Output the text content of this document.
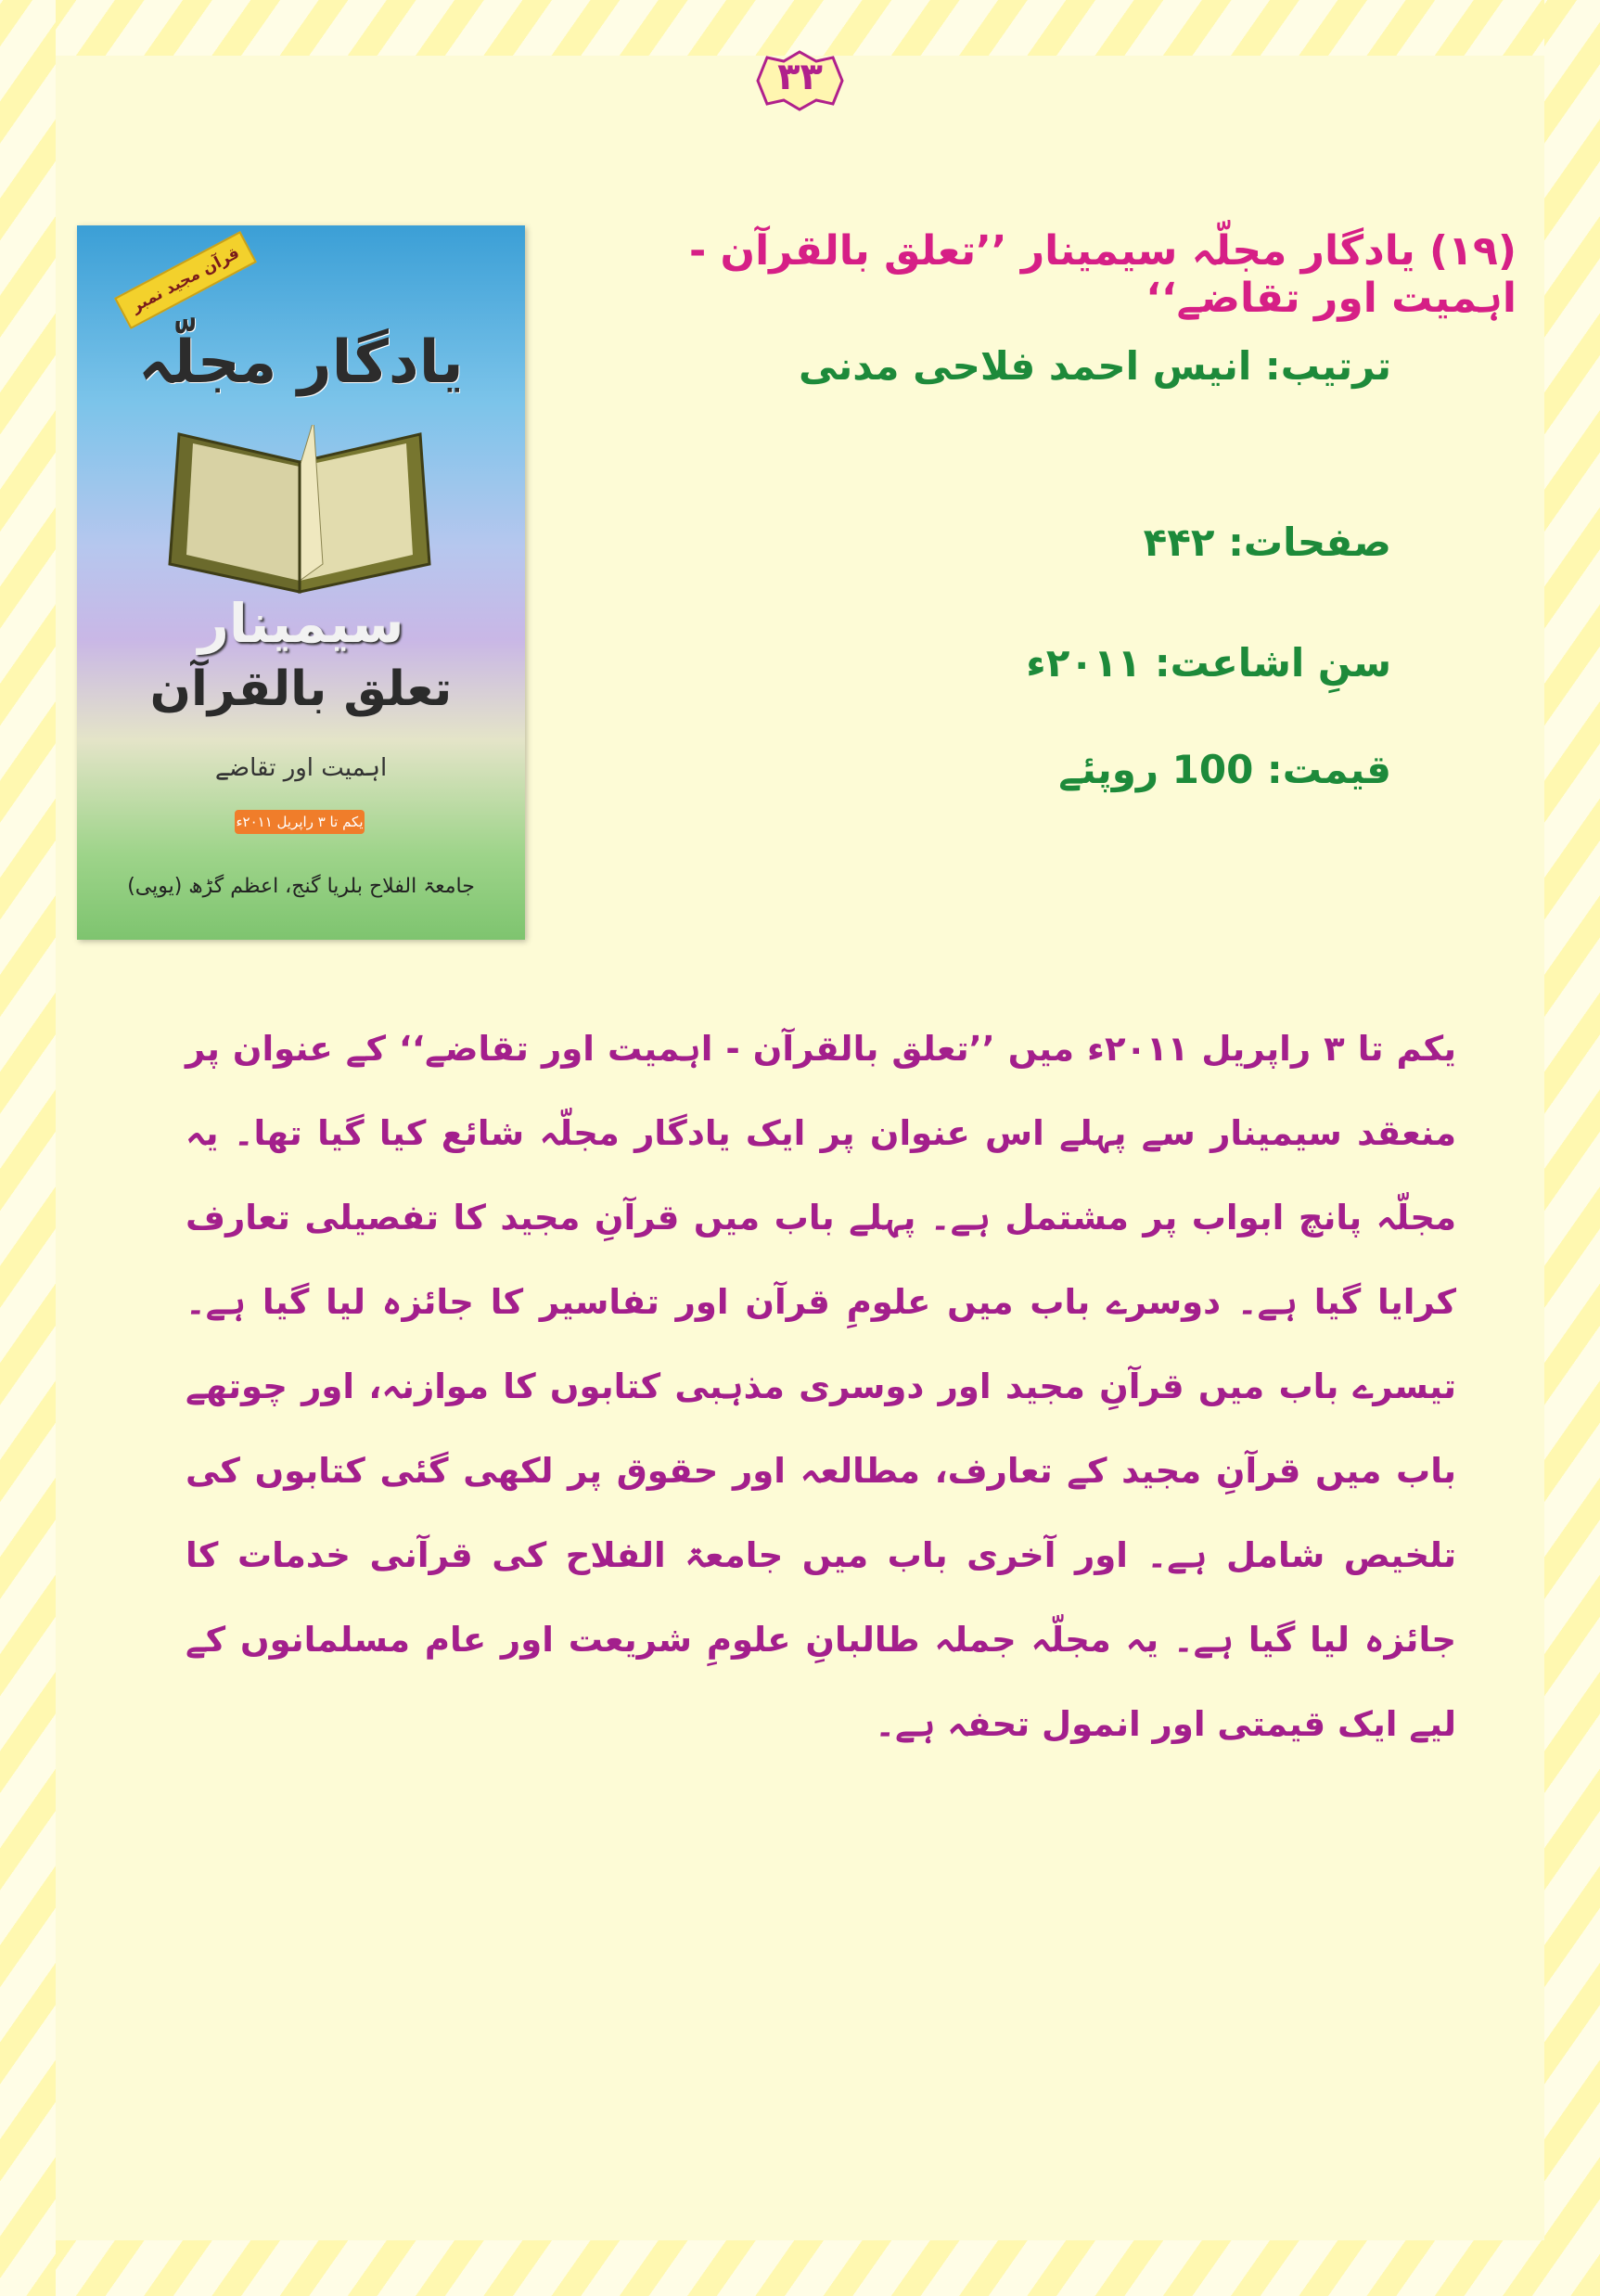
۳۳
قرآن مجید نمبر
یادگار مجلّہ
سیمینار
تعلق بالقرآن
اہمیت اور تقاضے
یکم تا ۳ راپریل ۲۰۱۱ء
جامعۃ الفلاح بلریا گنج، اعظم گڑھ (یوپی)
(۱۹) یادگار مجلّہ سیمینار ’’تعلق بالقرآن - اہمیت اور تقاضے‘‘
ترتیب: انیس احمد فلاحی مدنی
صفحات: ۴۴۲
سنِ اشاعت: ۲۰۱۱ء
قیمت: 100 روپئے
یکم تا ۳ راپریل ۲۰۱۱ء میں ’’تعلق بالقرآن - اہمیت اور تقاضے‘‘ کے عنوان پر منعقد سیمینار سے پہلے اس عنوان پر ایک یادگار مجلّہ شائع کیا گیا تھا۔ یہ مجلّہ پانچ ابواب پر مشتمل ہے۔ پہلے باب میں قرآنِ مجید کا تفصیلی تعارف کرایا گیا ہے۔ دوسرے باب میں علومِ قرآن اور تفاسیر کا جائزہ لیا گیا ہے۔ تیسرے باب میں قرآنِ مجید اور دوسری مذہبی کتابوں کا موازنہ، اور چوتھے باب میں قرآنِ مجید کے تعارف، مطالعہ اور حقوق پر لکھی گئی کتابوں کی تلخیص شامل ہے۔ اور آخری باب میں جامعۃ الفلاح کی قرآنی خدمات کا جائزہ لیا گیا ہے۔ یہ مجلّہ جملہ طالبانِ علومِ شریعت اور عام مسلمانوں کے لیے ایک قیمتی اور انمول تحفہ ہے۔
